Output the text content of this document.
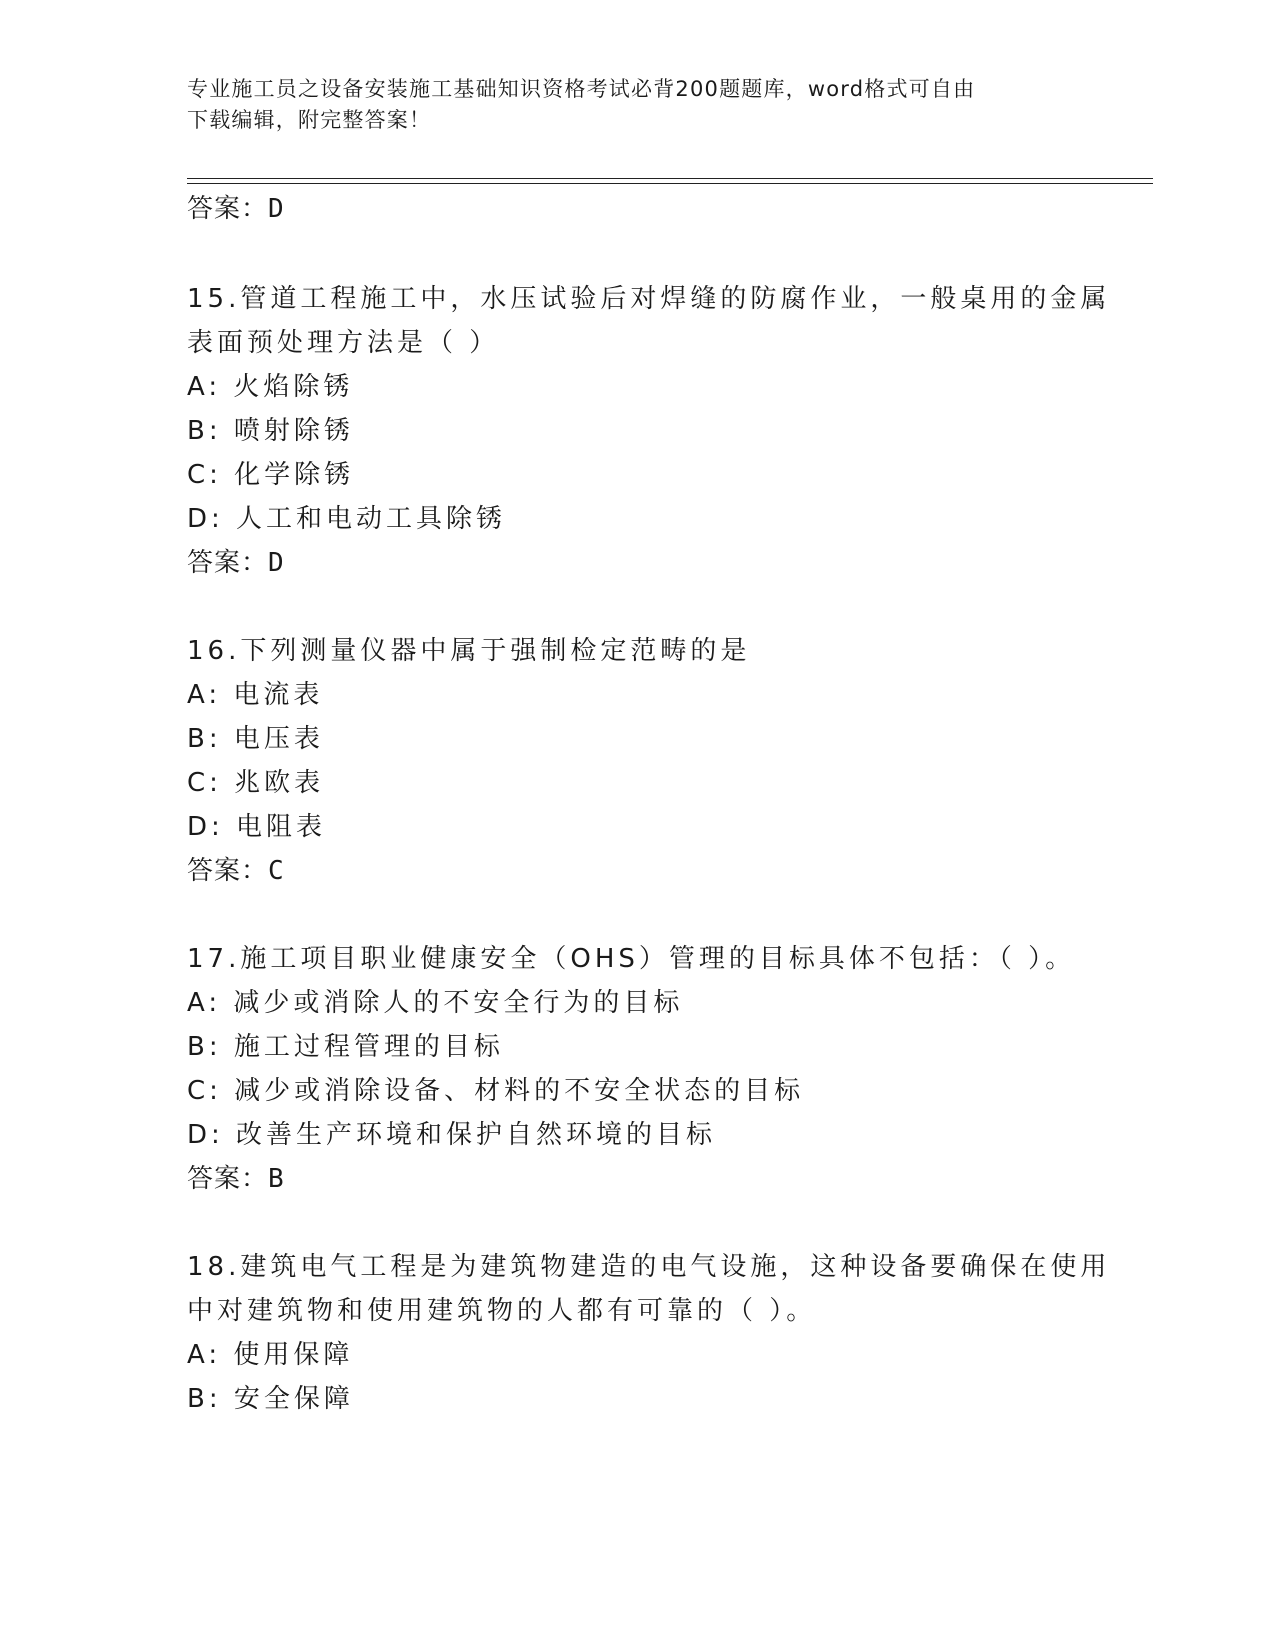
专业施工员之设备安装施工基础知识资格考试必背200题题库，word格式可自由
下载编辑，附完整答案！
答案：D
15.管道工程施工中，水压试验后对焊缝的防腐作业，一般桌用的金属
表面预处理方法是（ ）
A: 火焰除锈
B: 喷射除锈
C: 化学除锈
D: 人工和电动工具除锈
答案：D
16.下列测量仪器中属于强制检定范畴的是
A: 电流表
B: 电压表
C: 兆欧表
D: 电阻表
答案：C
17.施工项目职业健康安全（OHS）管理的目标具体不包括：（ ）。
A: 减少或消除人的不安全行为的目标
B: 施工过程管理的目标
C: 减少或消除设备、材料的不安全状态的目标
D: 改善生产环境和保护自然环境的目标
答案：B
18.建筑电气工程是为建筑物建造的电气设施，这种设备要确保在使用
中对建筑物和使用建筑物的人都有可靠的（ ）。
A: 使用保障
B: 安全保障
